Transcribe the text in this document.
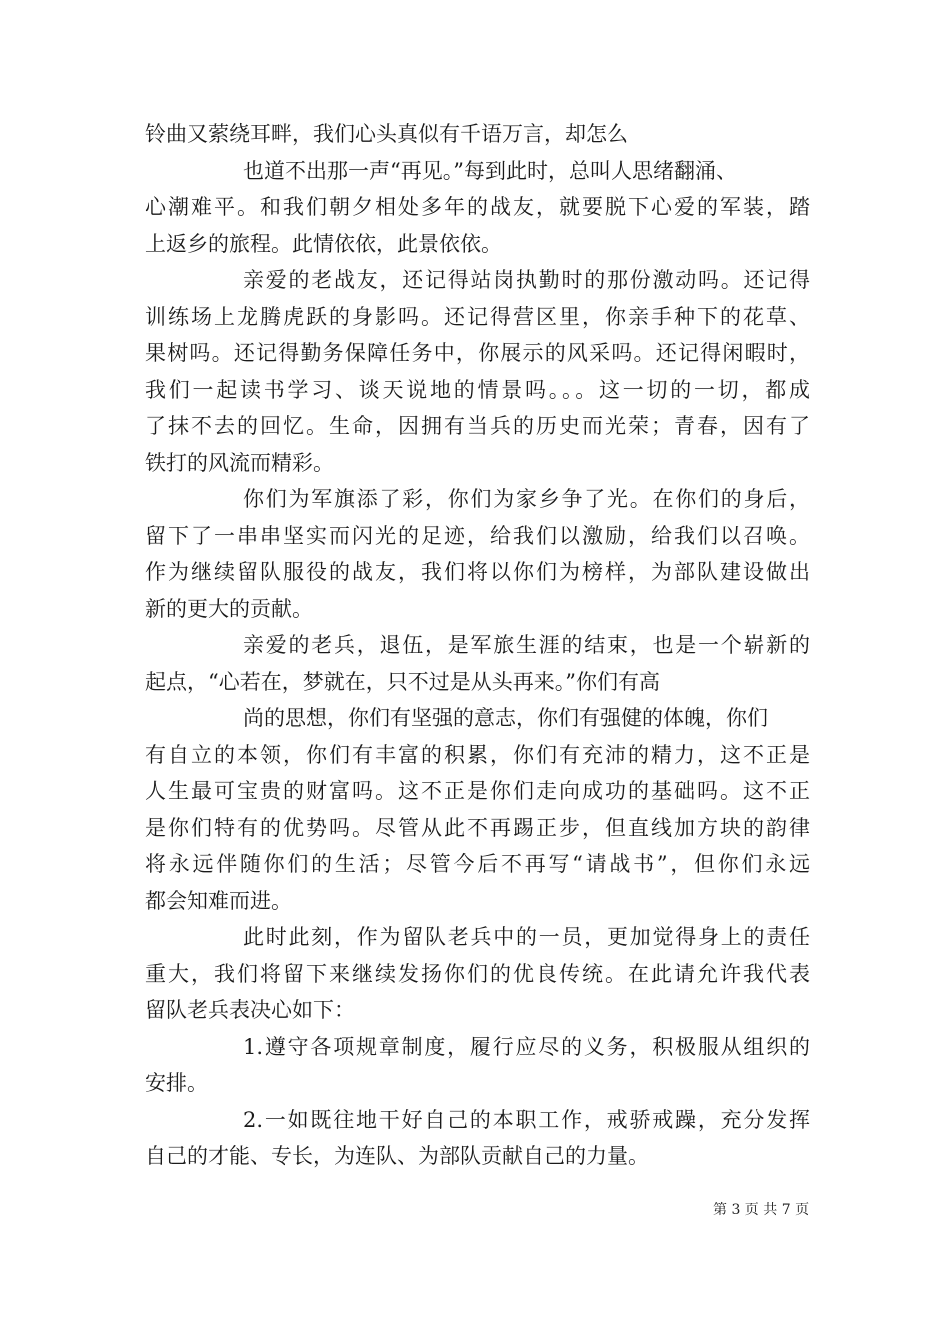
铃曲又萦绕耳畔，我们心头真似有千语万言，却怎么
也道不出那一声“再见。”每到此时，总叫人思绪翻涌、
心潮难平。和我们朝夕相处多年的战友，就要脱下心爱的军装，踏
上返乡的旅程。此情依依，此景依依。
亲爱的老战友，还记得站岗执勤时的那份激动吗。还记得
训练场上龙腾虎跃的身影吗。还记得营区里，你亲手种下的花草、
果树吗。还记得勤务保障任务中，你展示的风采吗。还记得闲暇时，
我们一起读书学习、谈天说地的情景吗。。。这一切的一切，都成
了抹不去的回忆。生命，因拥有当兵的历史而光荣；青春，因有了
铁打的风流而精彩。
你们为军旗添了彩，你们为家乡争了光。在你们的身后，
留下了一串串坚实而闪光的足迹，给我们以激励，给我们以召唤。
作为继续留队服役的战友，我们将以你们为榜样，为部队建设做出
新的更大的贡献。
亲爱的老兵，退伍，是军旅生涯的结束，也是一个崭新的
起点，“心若在，梦就在，只不过是从头再来。”你们有高
尚的思想，你们有坚强的意志，你们有强健的体魄，你们
有自立的本领，你们有丰富的积累，你们有充沛的精力，这不正是
人生最可宝贵的财富吗。这不正是你们走向成功的基础吗。这不正
是你们特有的优势吗。尽管从此不再踢正步，但直线加方块的韵律
将永远伴随你们的生活；尽管今后不再写“请战书”，但你们永远
都会知难而进。
此时此刻，作为留队老兵中的一员，更加觉得身上的责任
重大，我们将留下来继续发扬你们的优良传统。在此请允许我代表
留队老兵表决心如下：
1.遵守各项规章制度，履行应尽的义务，积极服从组织的
安排。
2.一如既往地干好自己的本职工作，戒骄戒躁，充分发挥
自己的才能、专长，为连队、为部队贡献自己的力量。
第 3 页 共 7 页
